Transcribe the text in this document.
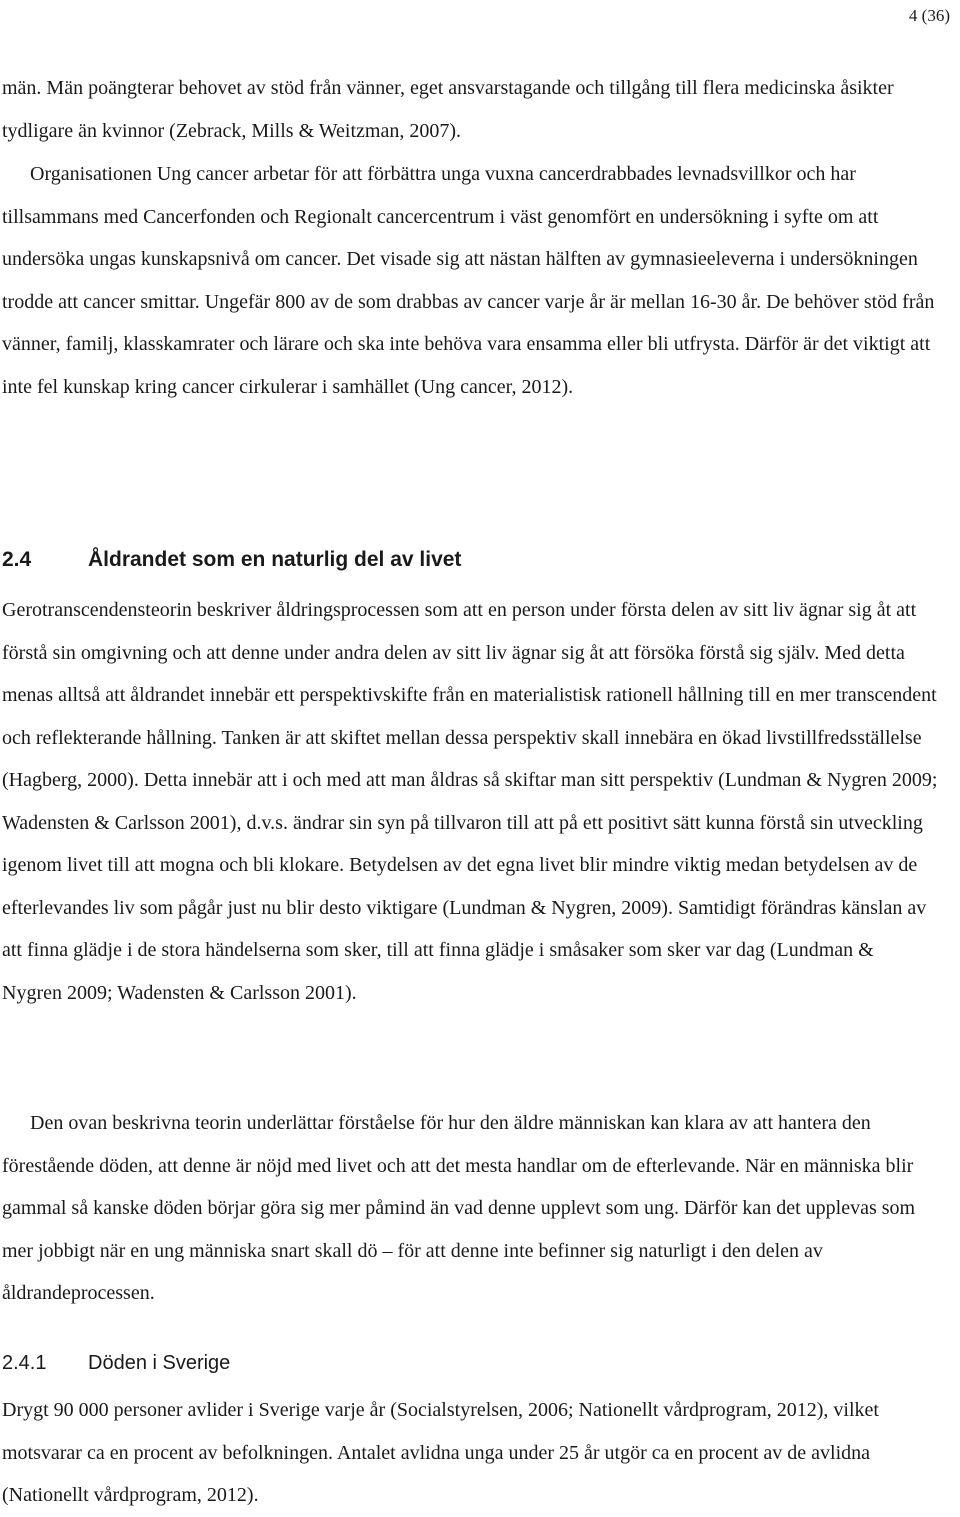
4 (36)

män. Män poängterar behovet av stöd från vänner, eget ansvarstagande och tillgång till flera medicinska åsikter tydligare än kvinnor (Zebrack, Mills & Weitzman, 2007).

Organisationen Ung cancer arbetar för att förbättra unga vuxna cancerdrabbades levnadsvillkor och har tillsammans med Cancerfonden och Regionalt cancercentrum i väst genomfört en undersökning i syfte om att undersöka ungas kunskapsnivå om cancer. Det visade sig att nästan hälften av gymnasieeleverna i undersökningen trodde att cancer smittar. Ungefär 800 av de som drabbas av cancer varje år är mellan 16-30 år. De behöver stöd från vänner, familj, klasskamrater och lärare och ska inte behöva vara ensamma eller bli utfrysta. Därför är det viktigt att inte fel kunskap kring cancer cirkulerar i samhället (Ung cancer, 2012).

2.4	Åldrandet som en naturlig del av livet

Gerotranscendensteorin beskriver åldringsprocessen som att en person under första delen av sitt liv ägnar sig åt att förstå sin omgivning och att denne under andra delen av sitt liv ägnar sig åt att försöka förstå sig själv. Med detta menas alltså att åldrandet innebär ett perspektivskifte från en materialistisk rationell hållning till en mer transcendent och reflekterande hållning. Tanken är att skiftet mellan dessa perspektiv skall innebära en ökad livstillfredsställelse (Hagberg, 2000). Detta innebär att i och med att man åldras så skiftar man sitt perspektiv (Lundman & Nygren 2009; Wadensten & Carlsson 2001), d.v.s. ändrar sin syn på tillvaron till att på ett positivt sätt kunna förstå sin utveckling igenom livet till att mogna och bli klokare. Betydelsen av det egna livet blir mindre viktig medan betydelsen av de efterlevandes liv som pågår just nu blir desto viktigare (Lundman & Nygren, 2009). Samtidigt förändras känslan av att finna glädje i de stora händelserna som sker, till att finna glädje i småsaker som sker var dag (Lundman & Nygren 2009; Wadensten & Carlsson 2001).

Den ovan beskrivna teorin underlättar förståelse för hur den äldre människan kan klara av att hantera den förestående döden, att denne är nöjd med livet och att det mesta handlar om de efterlevande. När en människa blir gammal så kanske döden börjar göra sig mer påmind än vad denne upplevt som ung. Därför kan det upplevas som mer jobbigt när en ung människa snart skall dö – för att denne inte befinner sig naturligt i den delen av åldrandeprocessen.

2.4.1 Döden i Sverige

Drygt 90 000 personer avlider i Sverige varje år (Socialstyrelsen, 2006; Nationellt vårdprogram, 2012), vilket motsvarar ca en procent av befolkningen. Antalet avlidna unga under 25 år utgör ca en procent av de avlidna (Nationellt vårdprogram, 2012).
